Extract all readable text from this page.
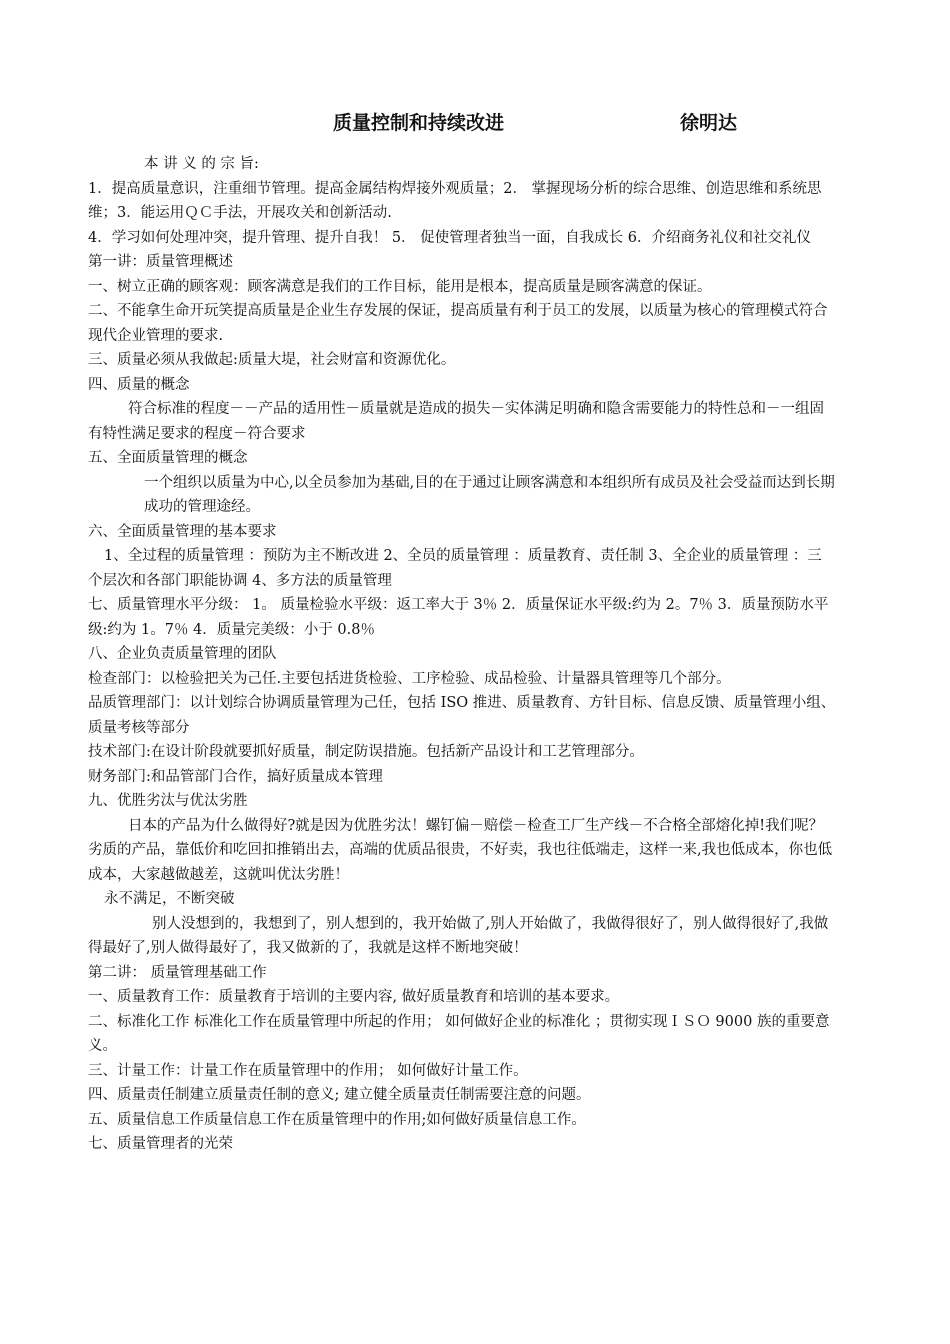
质量控制和持续改进	徐明达

本 讲 义 的 宗 旨:

1．提高质量意识，注重细节管理。提高金属结构焊接外观质量；2． 掌握现场分析的综合思维、创造思维和系统思维；3．能运用ＱＣ手法，开展攻关和创新活动.

4．学习如何处理冲突，提升管理、提升自我！ 5． 促使管理者独当一面，自我成长 6．介绍商务礼仪和社交礼仪

第一讲：质量管理概述

一、树立正确的顾客观：顾客满意是我们的工作目标，能用是根本，提高质量是顾客满意的保证。

二、不能拿生命开玩笑提高质量是企业生存发展的保证，提高质量有利于员工的发展，以质量为核心的管理模式符合现代企业管理的要求.

三、质量必须从我做起:质量大堤，社会财富和资源优化。

四、质量的概念

符合标准的程度－－产品的适用性－质量就是造成的损失－实体满足明确和隐含需要能力的特性总和－一组固有特性满足要求的程度－符合要求

五、全面质量管理的概念

一个组织以质量为中心,以全员参加为基础,目的在于通过让顾客满意和本组织所有成员及社会受益而达到长期成功的管理途经。

六、全面质量管理的基本要求

1、全过程的质量管理 ：预防为主不断改进 2、全员的质量管理 ：质量教育、责任制 3、全企业的质量管理 ：三个层次和各部门职能协调 4、多方法的质量管理

七、质量管理水平分级： 1。 质量检验水平级：返工率大于 3％ 2．质量保证水平级:约为 2。7％ 3．质量预防水平级:约为 1。7％ 4．质量完美级：小于 0.8％

八、企业负责质量管理的团队

检查部门：以检验把关为己任.主要包括进货检验、工序检验、成品检验、计量器具管理等几个部分。

品质管理部门：以计划综合协调质量管理为己任，包括 ISO 推进、质量教育、方针目标、信息反馈、质量管理小组、质量考核等部分

技术部门:在设计阶段就要抓好质量，制定防误措施。包括新产品设计和工艺管理部分。

财务部门:和品管部门合作，搞好质量成本管理

九、优胜劣汰与优汰劣胜

日本的产品为什么做得好?就是因为优胜劣汰！螺钉偏－赔偿－检查工厂生产线－不合格全部熔化掉!我们呢？劣质的产品，靠低价和吃回扣推销出去，高端的优质品很贵，不好卖，我也往低端走，这样一来,我也低成本，你也低成本，大家越做越差，这就叫优汰劣胜！

永不满足，不断突破

别人没想到的，我想到了，别人想到的，我开始做了,别人开始做了，我做得很好了，别人做得很好了,我做得最好了,别人做得最好了，我又做新的了，我就是这样不断地突破！

第二讲： 质量管理基础工作

一、质量教育工作：质量教育于培训的主要内容, 做好质量教育和培训的基本要求。

二、标准化工作 标准化工作在质量管理中所起的作用； 如何做好企业的标准化 ；贯彻实现ＩＳＯ 9000 族的重要意义。

三、计量工作：计量工作在质量管理中的作用； 如何做好计量工作。

四、质量责任制建立质量责任制的意义; 建立健全质量责任制需要注意的问题。

五、质量信息工作质量信息工作在质量管理中的作用;如何做好质量信息工作。

七、质量管理者的光荣
